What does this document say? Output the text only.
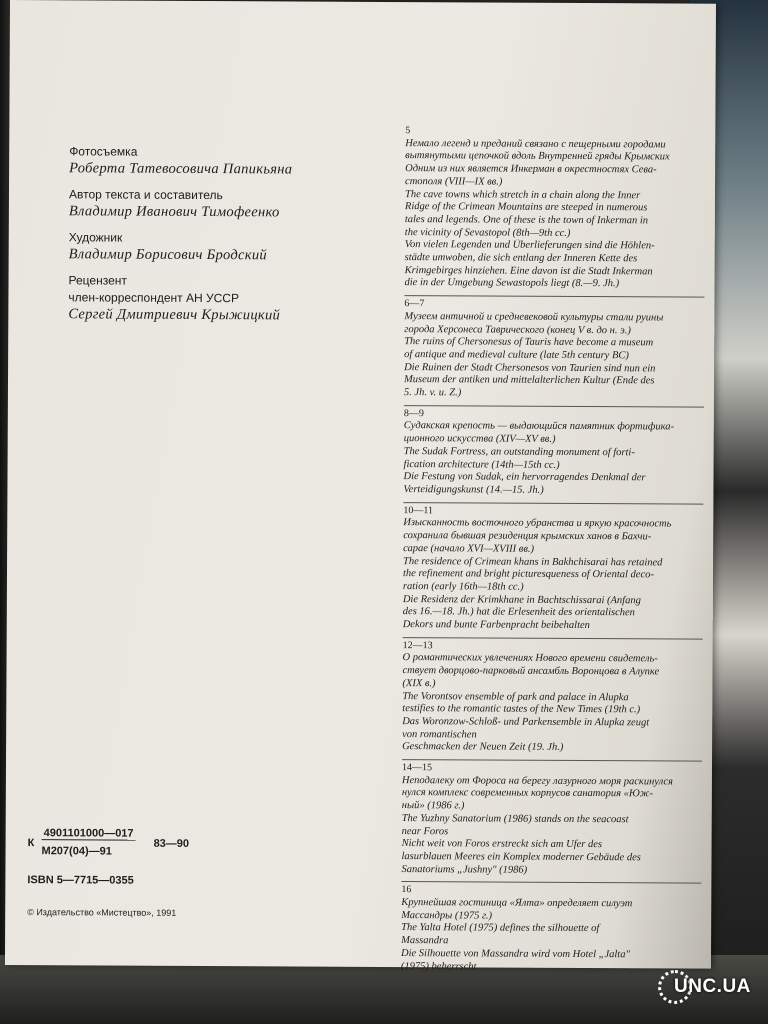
Фотосъемка
Роберта Татевосовича Папикьяна
Автор текста и составитель
Владимир Иванович Тимофеенко
Художник
Владимир Борисович Бродский
Рецензент
член-корреспондент АН УССР
Сергей Дмитриевич Крыжицкий
К
4901101000—017
М207(04)—91
83—90
ISBN 5—7715—0355
© Издательство «Мистецтво», 1991
5
Немало легенд и преданий связано с пещерными городами
вытянутыми цепочкой вдоль Внутренней гряды Крымских
Одним из них является Инкерман в окрестностях Сева-
стополя (VIII—IX вв.)
The cave towns which stretch in a chain along the Inner
Ridge of the Crimean Mountains are steeped in numerous
tales and legends. One of these is the town of Inkerman in
the vicinity of Sevastopol (8th—9th cc.)
Von vielen Legenden und Überlieferungen sind die Höhlen-
städte umwoben, die sich entlang der Inneren Kette des
Krimgebirges hinziehen. Eine davon ist die Stadt Inkerman
die in der Umgebung Sewastopols liegt (8.—9. Jh.)
6—7
Музеем античной и средневековой культуры стали руины
города Херсонеса Таврического (конец V в. до н. э.)
The ruins of Chersonesus of Tauris have become a museum
of antique and medieval culture (late 5th century BC)
Die Ruinen der Stadt Chersonesos von Taurien sind nun ein
Museum der antiken und mittelalterlichen Kultur (Ende des
5. Jh. v. u. Z.)
8—9
Судакская крепость — выдающийся памятник фортифика-
ционного искусства (XIV—XV вв.)
The Sudak Fortress, an outstanding monument of forti-
fication architecture (14th—15th cc.)
Die Festung von Sudak, ein hervorragendes Denkmal der
Verteidigungskunst (14.—15. Jh.)
10—11
Изысканность восточного убранства и яркую красочность
сохранила бывшая резиденция крымских ханов в Бахчи-
сарае (начало XVI—XVIII вв.)
The residence of Crimean khans in Bakhchisarai has retained
the refinement and bright picturesqueness of Oriental deco-
ration (early 16th—18th cc.)
Die Residenz der Krimkhane in Bachtschissarai (Anfang
des 16.—18. Jh.) hat die Erlesenheit des orientalischen
Dekors und bunte Farbenpracht beibehalten
12—13
О романтических увлечениях Нового времени свидетель-
ствует дворцово-парковый ансамбль Воронцова в Алупке
(XIX в.)
The Vorontsov ensemble of park and palace in Alupka
testifies to the romantic tastes of the New Times (19th c.)
Das Woronzow-Schloß- und Parkensemble in Alupka zeugt
von romantischen
Geschmacken der Neuen Zeit (19. Jh.)
14—15
Неподалеку от Фороса на берегу лазурного моря раскинулся
нулся комплекс современных корпусов санатория «Юж-
ный» (1986 г.)
The Yuzhny Sanatorium (1986) stands on the seacoast
near Foros
Nicht weit von Foros erstreckt sich am Ufer des
lasurblauen Meeres ein Komplex moderner Gebäude des
Sanatoriums „Jushny" (1986)
16
Крупнейшая гостиница «Ялта» определяет силуэт
Массандры (1975 г.)
The Yalta Hotel (1975) defines the silhouette of
Massandra
Die Silhouette von Massandra wird vom Hotel „Jalta"
(1975) beherrscht
UNC.UA
